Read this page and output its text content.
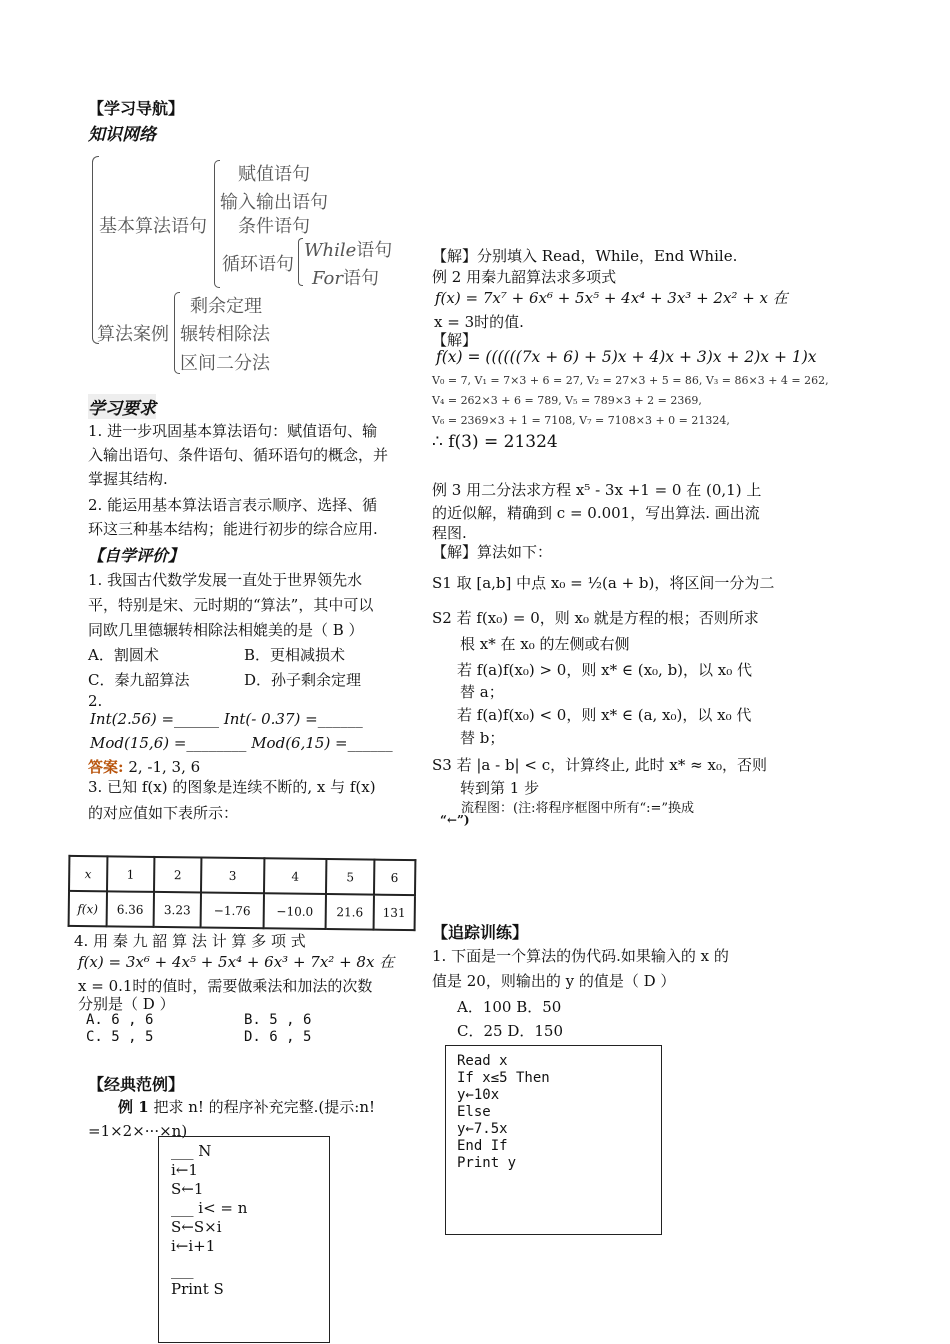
【学习导航】
知识网络
基本算法语句
赋值语句
输入输出语句
条件语句
循环语句
While语句
For语句
算法案例
剩余定理
辗转相除法
区间二分法
学习要求
1. 进一步巩固基本算法语句：赋值语句、输
入输出语句、条件语句、循环语句的概念，并
掌握其结构.
2. 能运用基本算法语言表示顺序、选择、循
环这三种基本结构；能进行初步的综合应用.
【自学评价】
1. 我国古代数学发展一直处于世界领先水
平，特别是宋、元时期的“算法”，其中可以
同欧几里德辗转相除法相媲美的是（ B ）
A．割圆术	B．更相减损术
C．秦九韶算法	D．孙子剩余定理
2.
Int(2.56) =______ Int(- 0.37) =______
Mod(15,6) =________ Mod(6,15) =______
答案: 2, -1, 3, 6
3. 已知 f(x) 的图象是连续不断的, x 与 f(x)
的对应值如下表所示：
x	1	2	3	4	5	6
f(x)	6.36	3.23	−1.76	−10.0	21.6	131
4. 用 秦 九 韶 算 法 计 算 多 项 式
f(x) = 3x⁶ + 4x⁵ + 5x⁴ + 6x³ + 7x² + 8x 在
x = 0.1时的值时，需要做乘法和加法的次数
分别是（ D ）
A. 6 , 6	B. 5 , 6
C. 5 , 5	D. 6 , 5
【经典范例】
例 1 把求 n! 的程序补充完整.(提示:n!
=1×2×···×n)
___ N
i←1
S←1
___ i< = n
S←S×i
i←i+1
___
Print S
【解】分别填入 Read，While，End While.
例 2 用秦九韶算法求多项式
f(x) = 7x⁷ + 6x⁶ + 5x⁵ + 4x⁴ + 3x³ + 2x² + x 在
x = 3时的值.
【解】
f(x) = ((((((7x + 6) + 5)x + 4)x + 3)x + 2)x + 1)x
V₀ = 7, V₁ = 7×3 + 6 = 27, V₂ = 27×3 + 5 = 86, V₃ = 86×3 + 4 = 262,
V₄ = 262×3 + 6 = 789, V₅ = 789×3 + 2 = 2369,
V₆ = 2369×3 + 1 = 7108, V₇ = 7108×3 + 0 = 21324,
∴ f(3) = 21324
例 3 用二分法求方程 x⁵ - 3x +1 = 0 在 (0,1) 上
的近似解，精确到 c = 0.001，写出算法. 画出流
程图.
【解】算法如下：
S1 取 [a,b] 中点 x₀ = ½(a + b)，将区间一分为二
S2 若 f(x₀) = 0，则 x₀ 就是方程的根；否则所求
根 x* 在 x₀ 的左侧或右侧
若 f(a)f(x₀) > 0，则 x* ∈ (x₀, b)，以 x₀ 代
替 a；
若 f(a)f(x₀) < 0，则 x* ∈ (a, x₀)，以 x₀ 代
替 b；
S3 若 |a - b| < c，计算终止, 此时 x* ≈ x₀，否则
转到第 1 步
流程图：(注:将程序框图中所有“:=”换成
“←”)
【追踪训练】
1. 下面是一个算法的伪代码.如果输入的 x 的
值是 20，则输出的 y 的值是（ D ）
A．100 B．50
C．25 D．150
Read x
If x≤5 Then
y←10x
Else
y←7.5x
End If
Print y
